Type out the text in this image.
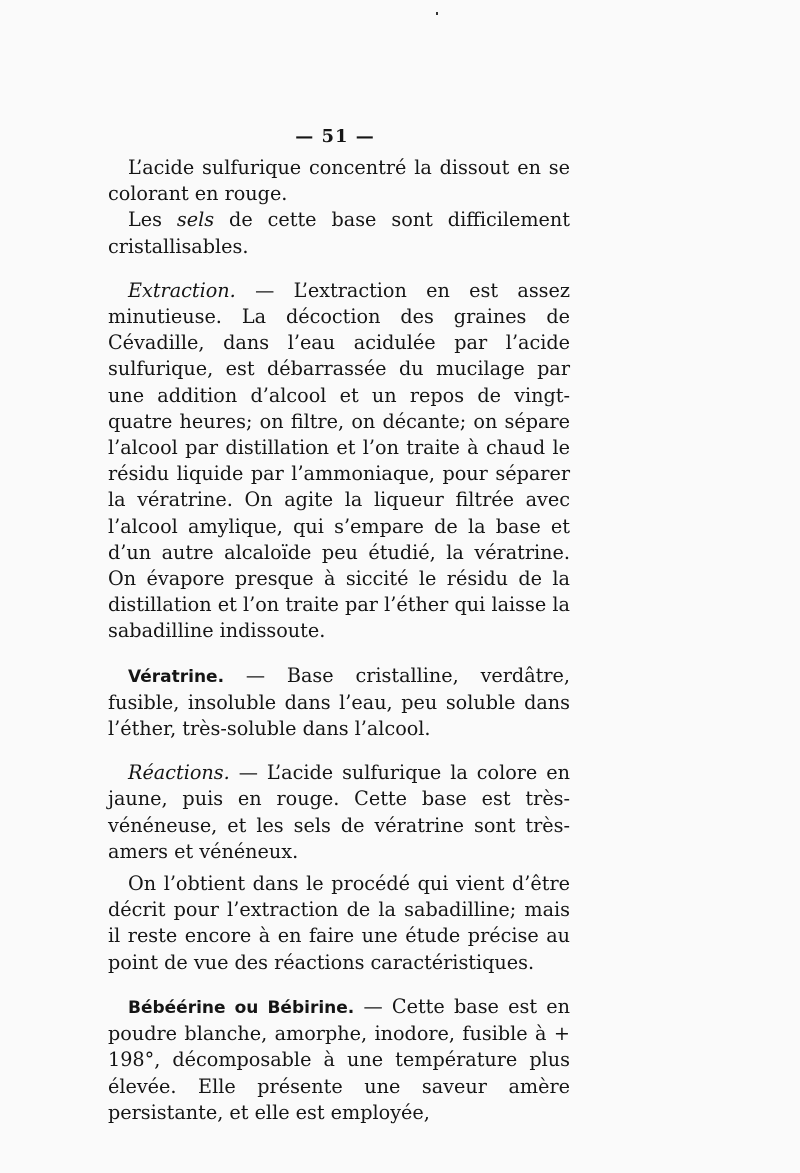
— 51 —

L’acide sulfurique concentré la dissout en se colorant en rouge.

Les sels de cette base sont difficilement cristallisables.

Extraction. — L’extraction en est assez minutieuse. La décoction des graines de Cévadille, dans l’eau acidulée par l’acide sulfurique, est débarrassée du mucilage par une addition d’alcool et un repos de vingt-quatre heures; on filtre, on décante; on sépare l’alcool par distillation et l’on traite à chaud le résidu liquide par l’ammoniaque, pour séparer la vératrine. On agite la liqueur filtrée avec l’alcool amylique, qui s’empare de la base et d’un autre alcaloïde peu étudié, la vératrine. On évapore presque à siccité le résidu de la distillation et l’on traite par l’éther qui laisse la sabadilline indissoute.

Vératrine. — Base cristalline, verdâtre, fusible, insoluble dans l’eau, peu soluble dans l’éther, très-soluble dans l’alcool.

Réactions. — L’acide sulfurique la colore en jaune, puis en rouge. Cette base est très-vénéneuse, et les sels de vératrine sont très-amers et vénéneux.

On l’obtient dans le procédé qui vient d’être décrit pour l’extraction de la sabadilline; mais il reste encore à en faire une étude précise au point de vue des réactions caractéristiques.

Bébéérine ou Bébirine. — Cette base est en poudre blanche, amorphe, inodore, fusible à + 198°, décomposable à une température plus élevée. Elle présente une saveur amère persistante, et elle est employée,
